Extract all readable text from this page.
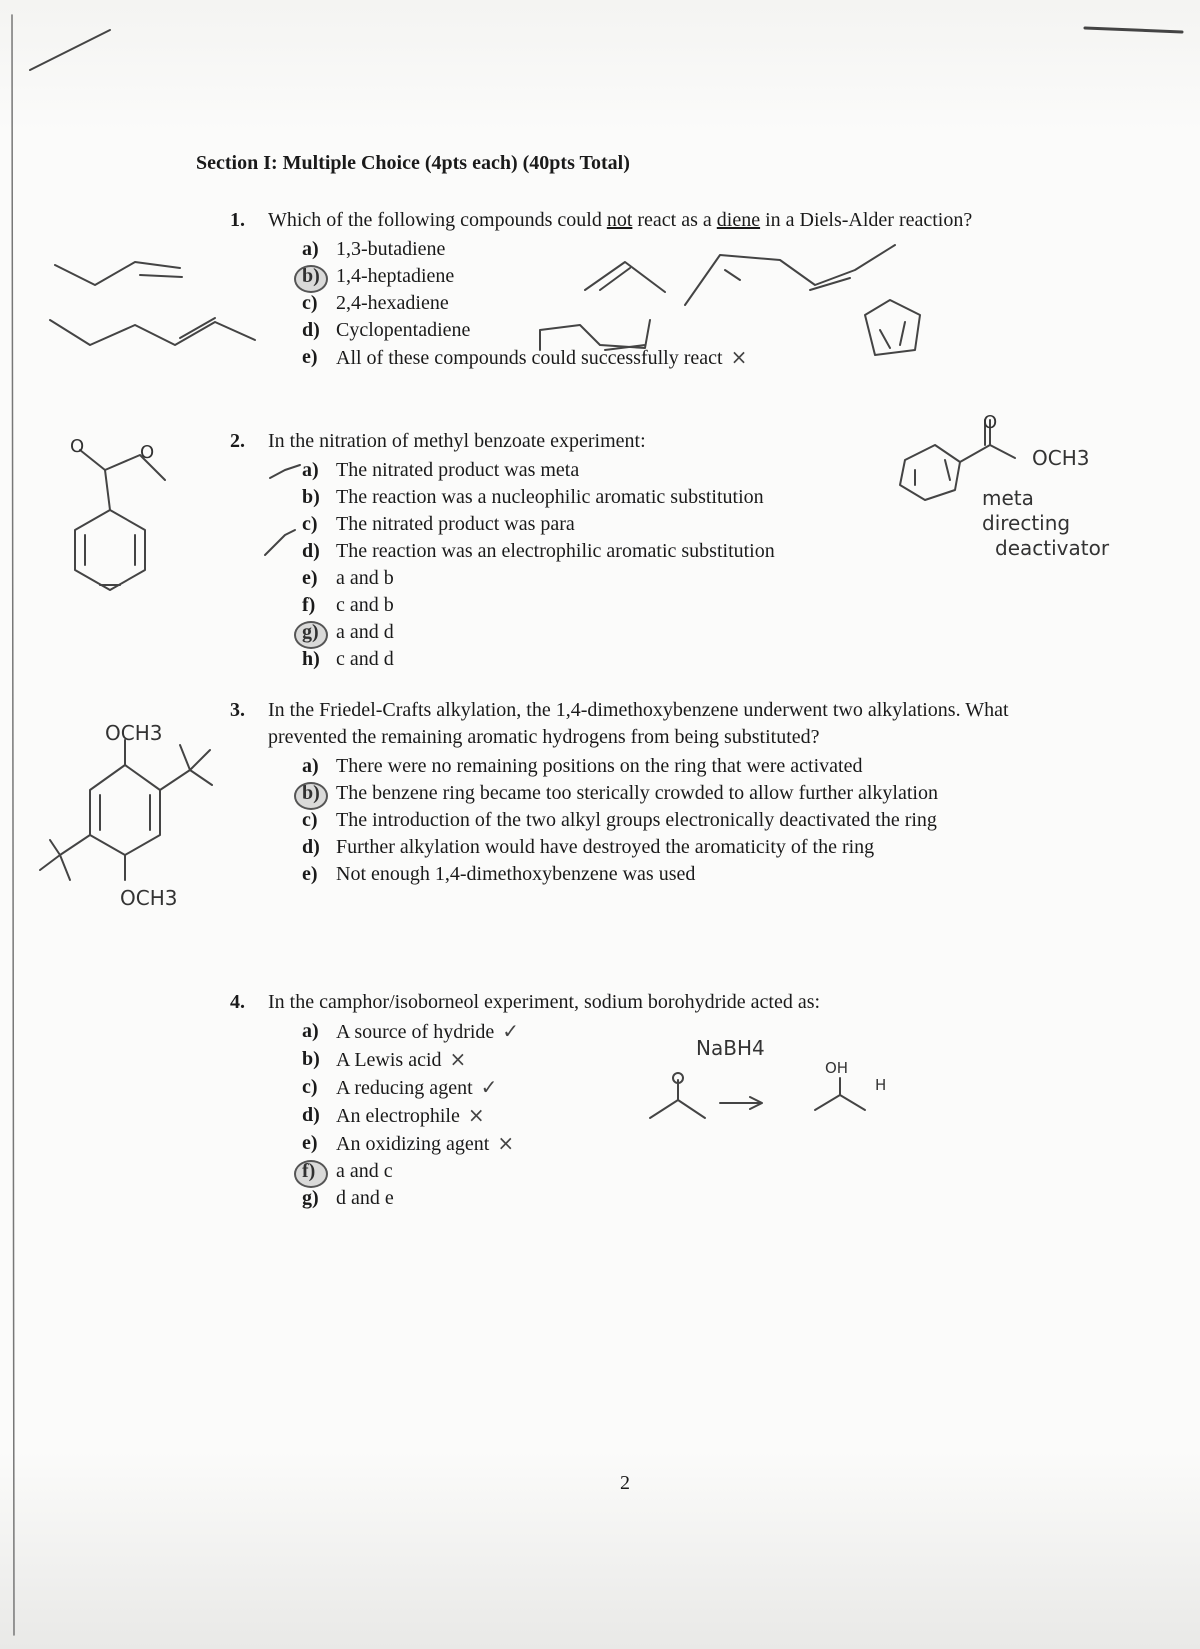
Section I: Multiple Choice (4pts each) (40pts Total)
1.	Which of the following compounds could not react as a diene in a Diels-Alder reaction?
a) 1,3-butadiene
b) 1,4-heptadiene
c) 2,4-hexadiene
d) Cyclopentadiene
e) All of these compounds could successfully react ×
2.	In the nitration of methyl benzoate experiment:
a) The nitrated product was meta
b) The reaction was a nucleophilic aromatic substitution
c) The nitrated product was para
d) The reaction was an electrophilic aromatic substitution
e) a and b
f)	c and b
g) a and d
h) c and d
3.	In the Friedel-Crafts alkylation, the 1,4-dimethoxybenzene underwent two alkylations. What prevented the remaining aromatic hydrogens from being substituted?
a) There were no remaining positions on the ring that were activated
b) The benzene ring became too sterically crowded to allow further alkylation
c) The introduction of the two alkyl groups electronically deactivated the ring
d) Further alkylation would have destroyed the aromaticity of the ring
e) Not enough 1,4-dimethoxybenzene was used
4.	In the camphor/isoborneol experiment, sodium borohydride acted as:
a) A source of hydride ✓
b) A Lewis acid ×
c) A reducing agent ✓
d) An electrophile ×
e) An oxidizing agent ×
f)	a and c
g) d and e
O	O
O
OCH3
meta
directing
deactivator
OCH3
OCH3
NaBH4
OH
H
2
